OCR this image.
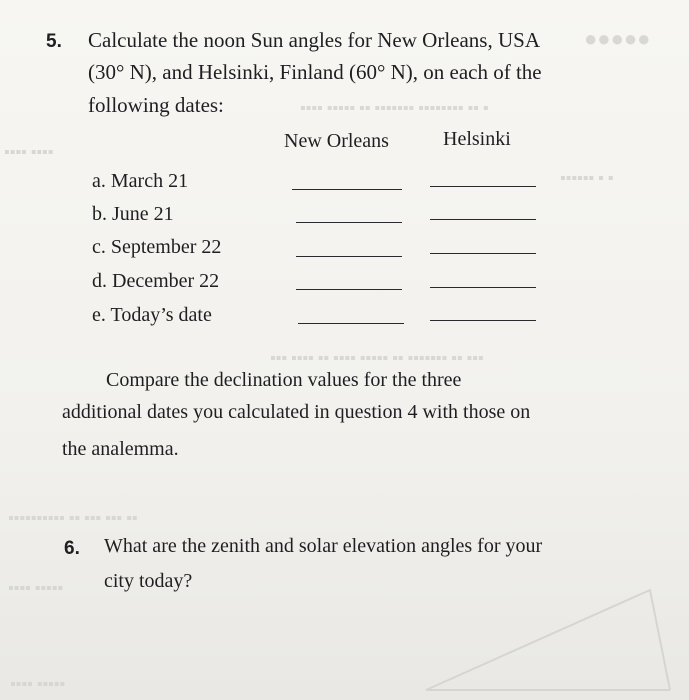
●●●●●
▪▪▪▪ ▪▪▪▪▪ ▪▪ ▪▪▪▪▪▪▪ ▪▪▪▪▪▪▪▪ ▪▪ ▪
▪▪▪▪ ▪▪▪▪
▪▪▪▪▪▪ ▪ ▪
▪▪▪ ▪▪▪▪ ▪▪ ▪▪▪▪ ▪▪▪▪▪ ▪▪ ▪▪▪▪▪▪▪ ▪▪ ▪▪▪
▪▪▪▪▪▪▪▪▪▪ ▪▪ ▪▪▪ ▪▪▪ ▪▪
▪▪▪▪ ▪▪▪▪▪
▪▪▪▪ ▪▪▪▪▪
5. Calculate the noon Sun angles for New Orleans, USA
(30° N), and Helsinki, Finland (60° N), on each of the
following dates:
New Orleans	Helsinki
a. March 21
b. June 21
c. September 22
d. December 22
e. Today’s date
Compare the declination values for the three
additional dates you calculated in question 4 with those on
the analemma.
6. What are the zenith and solar elevation angles for your
city today?
